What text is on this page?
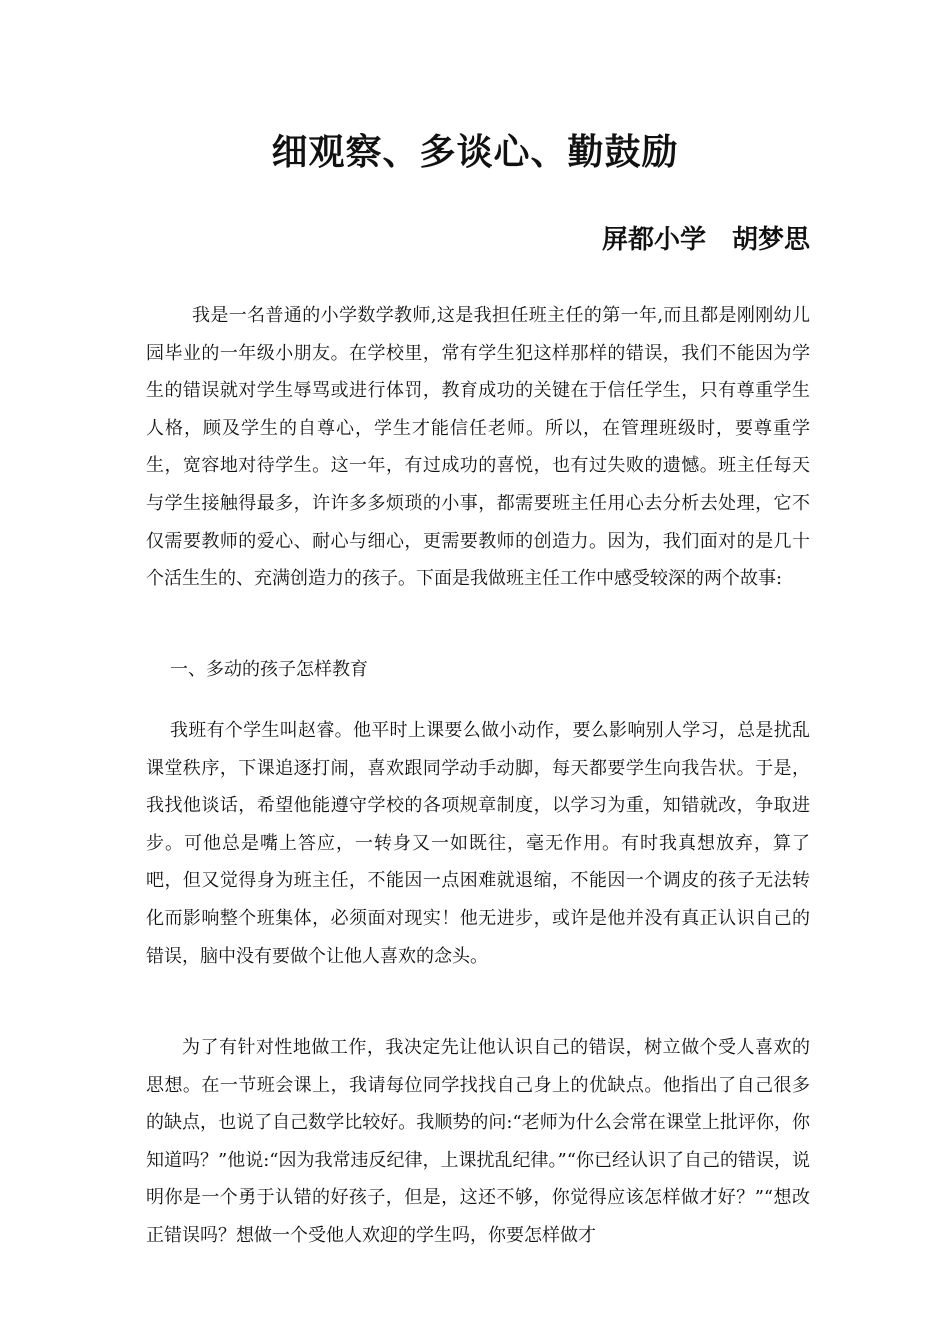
细观察、多谈心、勤鼓励
屏都小学　胡梦思
我是一名普通的小学数学教师,这是我担任班主任的第一年,而且都是刚刚幼儿园毕业的一年级小朋友。在学校里，常有学生犯这样那样的错误，我们不能因为学生的错误就对学生辱骂或进行体罚，教育成功的关键在于信任学生，只有尊重学生人格，顾及学生的自尊心，学生才能信任老师。所以，在管理班级时，要尊重学生，宽容地对待学生。这一年，有过成功的喜悦，也有过失败的遗憾。班主任每天与学生接触得最多，许许多多烦琐的小事，都需要班主任用心去分析去处理，它不仅需要教师的爱心、耐心与细心，更需要教师的创造力。因为，我们面对的是几十个活生生的、充满创造力的孩子。下面是我做班主任工作中感受较深的两个故事:
一、多动的孩子怎样教育
我班有个学生叫赵睿。他平时上课要么做小动作，要么影响别人学习，总是扰乱课堂秩序，下课追逐打闹，喜欢跟同学动手动脚，每天都要学生向我告状。于是，我找他谈话，希望他能遵守学校的各项规章制度，以学习为重，知错就改，争取进步。可他总是嘴上答应，一转身又一如既往，毫无作用。有时我真想放弃，算了吧，但又觉得身为班主任，不能因一点困难就退缩，不能因一个调皮的孩子无法转化而影响整个班集体，必须面对现实！他无进步，或许是他并没有真正认识自己的错误，脑中没有要做个让他人喜欢的念头。
为了有针对性地做工作，我决定先让他认识自己的错误，树立做个受人喜欢的思想。在一节班会课上，我请每位同学找找自己身上的优缺点。他指出了自己很多的缺点，也说了自己数学比较好。我顺势的问:“老师为什么会常在课堂上批评你，你知道吗？”他说:“因为我常违反纪律，上课扰乱纪律。”“你已经认识了自己的错误，说明你是一个勇于认错的好孩子，但是，这还不够，你觉得应该怎样做才好？”“想改正错误吗？想做一个受他人欢迎的学生吗，你要怎样做才
